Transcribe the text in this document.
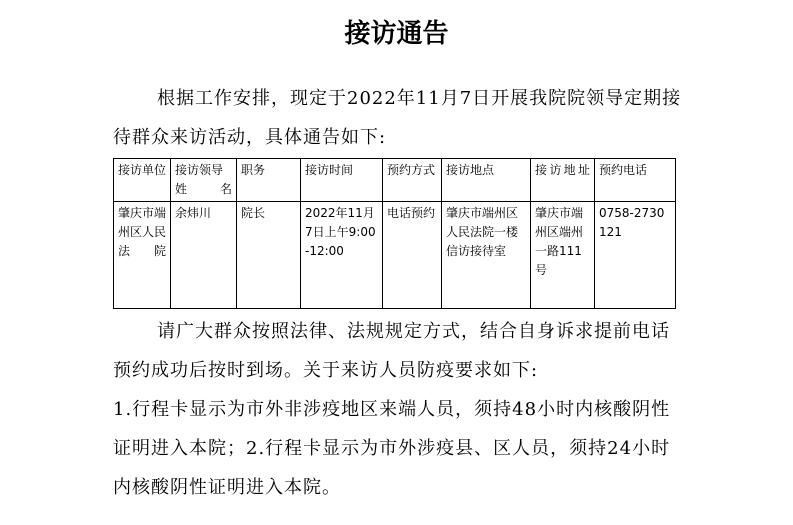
接访通告

根据工作安排，现定于2022年11月7日开展我院院领导定期接待群众来访活动，具体通告如下:

接访单位	接访领导姓名	职务	接访时间	预约方式	接访地点	接访地址	预约电话
肇庆市端州区人民法院	余炜川	院长	2022年11月7日上午9:00-12:00	电话预约	肇庆市端州区人民法院一楼信访接待室	肇庆市端州区端州一路111号	0758-2730121

请广大群众按照法律、法规规定方式，结合自身诉求提前电话预约成功后按时到场。关于来访人员防疫要求如下:

1.行程卡显示为市外非涉疫地区来端人员，须持48小时内核酸阴性证明进入本院；2.行程卡显示为市外涉疫县、区人员，须持24小时内核酸阴性证明进入本院。
